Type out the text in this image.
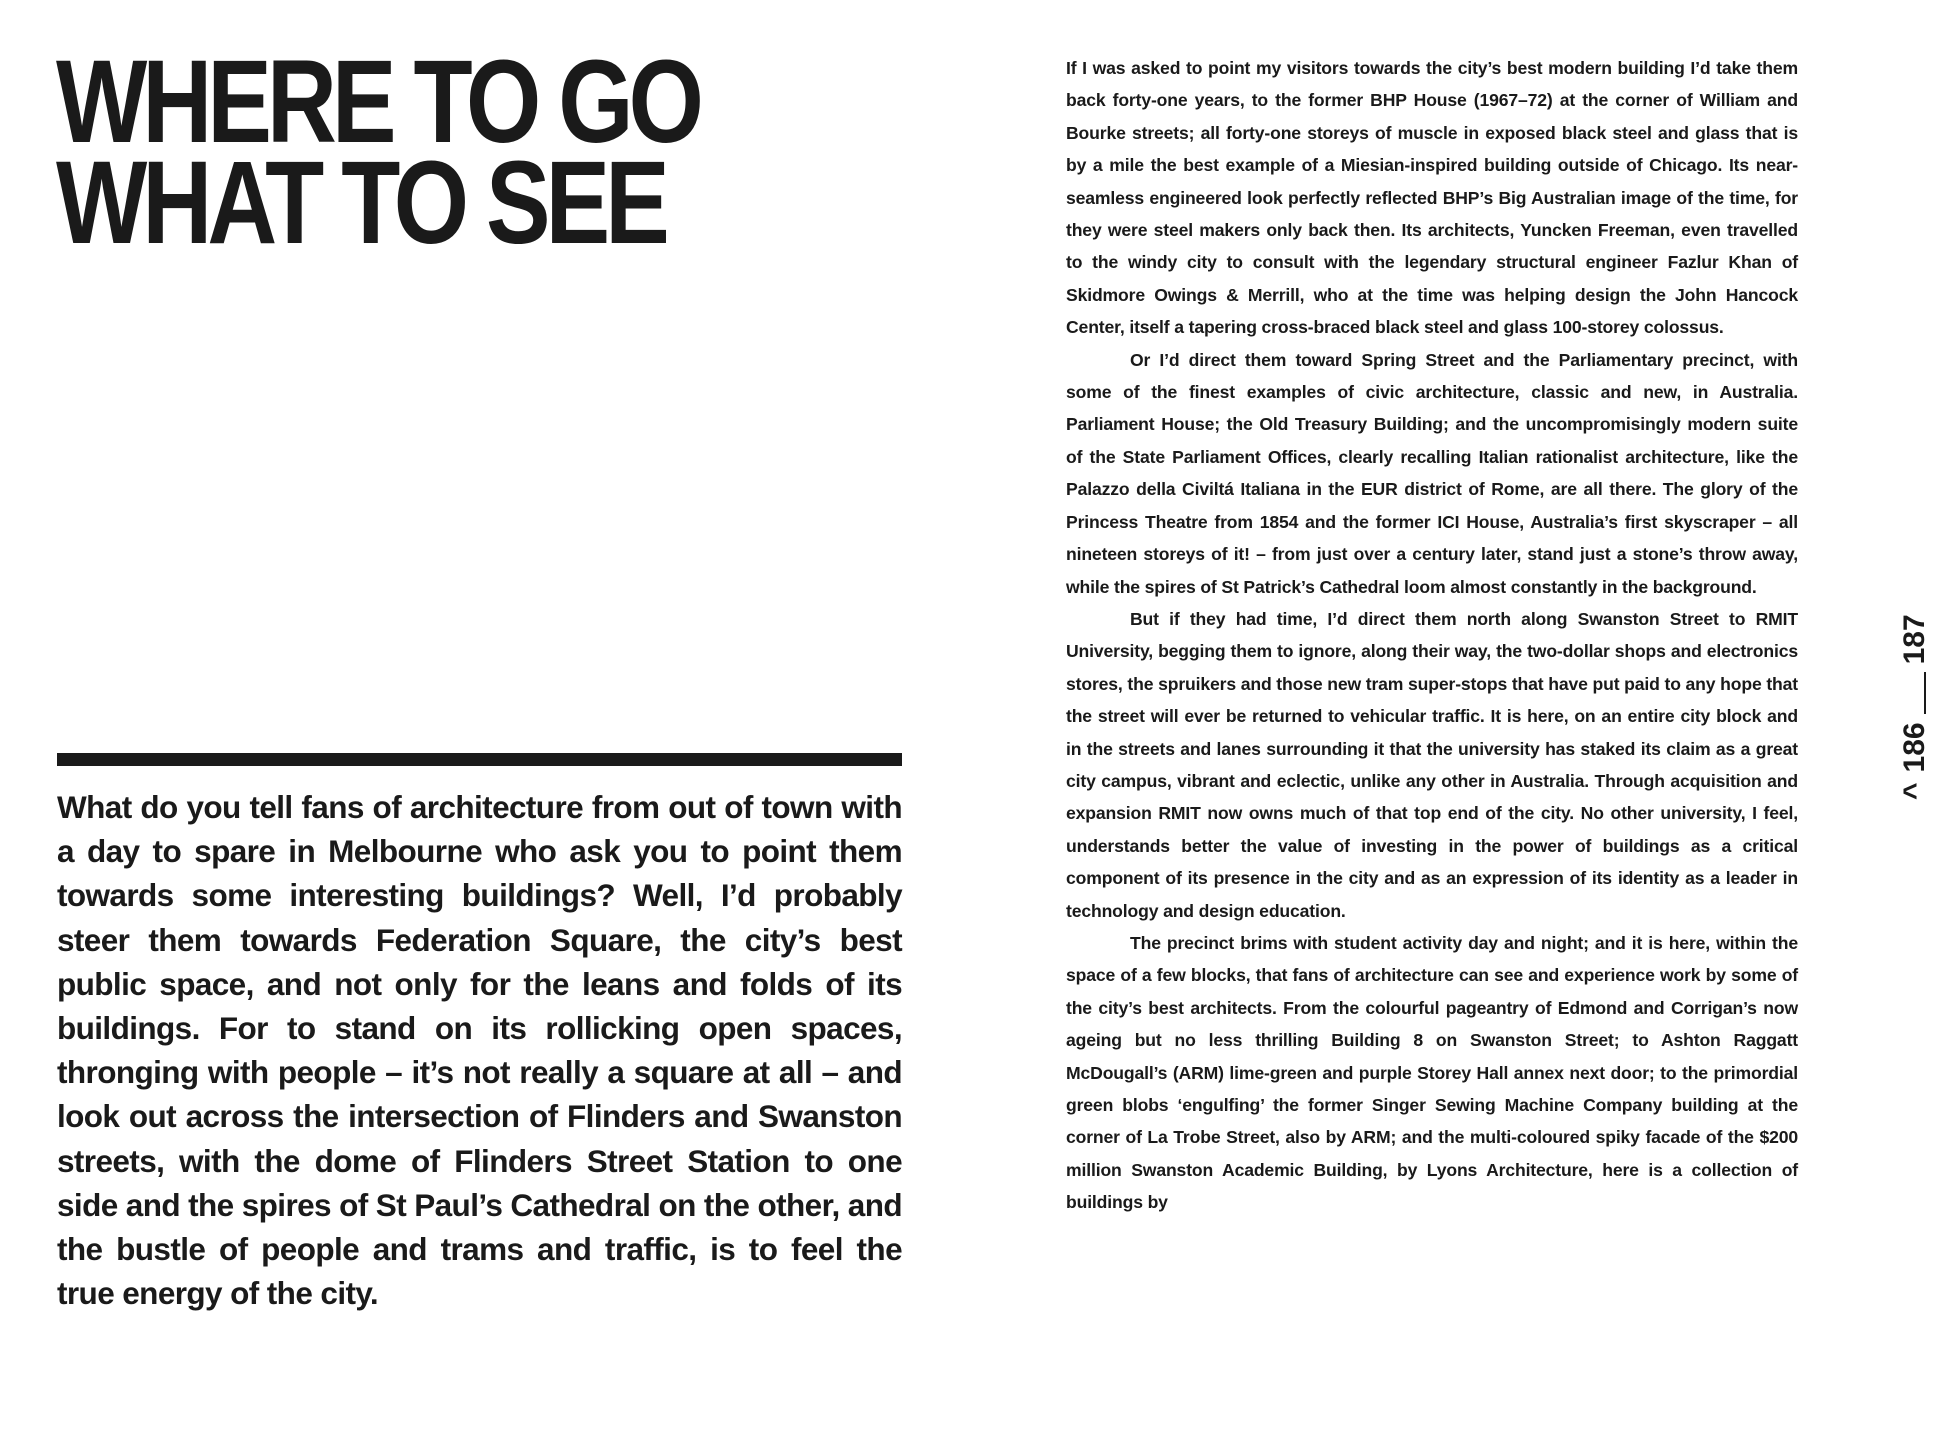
WHERE TO GO
WHAT TO SEE

What do you tell fans of architecture from out of town with a day to spare in Melbourne who ask you to point them towards some interesting buildings? Well, I’d probably steer them towards Federation Square, the city’s best public space, and not only for the leans and folds of its buildings. For to stand on its rollicking open spaces, thronging with people – it’s not really a square at all – and look out across the intersection of Flinders and Swanston streets, with the dome of Flinders Street Station to one side and the spires of St Paul’s Cathedral on the other, and the bustle of people and trams and traffic, is to feel the true energy of the city.

If I was asked to point my visitors towards the city’s best modern building I’d take them back forty-one years, to the former BHP House (1967–72) at the corner of William and Bourke streets; all forty-one storeys of muscle in exposed black steel and glass that is by a mile the best example of a Miesian-inspired building outside of Chicago. Its near-seamless engineered look perfectly reflected BHP’s Big Australian image of the time, for they were steel makers only back then. Its architects, Yuncken Freeman, even travelled to the windy city to consult with the legendary structural engineer Fazlur Khan of Skidmore Owings & Merrill, who at the time was helping design the John Hancock Center, itself a tapering cross-braced black steel and glass 100-storey colossus.

Or I’d direct them toward Spring Street and the Parliamentary precinct, with some of the finest examples of civic architecture, classic and new, in Australia. Parliament House; the Old Treasury Building; and the uncompromisingly modern suite of the State Parliament Offices, clearly recalling Italian rationalist architecture, like the Palazzo della Civiltá Italiana in the EUR district of Rome, are all there. The glory of the Princess Theatre from 1854 and the former ICI House, Australia’s first skyscraper – all nineteen storeys of it! – from just over a century later, stand just a stone’s throw away, while the spires of St Patrick’s Cathedral loom almost constantly in the background.

But if they had time, I’d direct them north along Swanston Street to RMIT University, begging them to ignore, along their way, the two-dollar shops and electronics stores, the spruikers and those new tram super-stops that have put paid to any hope that the street will ever be returned to vehicular traffic. It is here, on an entire city block and in the streets and lanes surrounding it that the university has staked its claim as a great city campus, vibrant and eclectic, unlike any other in Australia. Through acquisition and expansion RMIT now owns much of that top end of the city. No other university, I feel, understands better the value of investing in the power of buildings as a critical component of its presence in the city and as an expression of its identity as a leader in technology and design education.

The precinct brims with student activity day and night; and it is here, within the space of a few blocks, that fans of architecture can see and experience work by some of the city’s best architects. From the colourful pageantry of Edmond and Corrigan’s now ageing but no less thrilling Building 8 on Swanston Street; to Ashton Raggatt McDougall’s (ARM) lime-green and purple Storey Hall annex next door; to the primordial green blobs ‘engulfing’ the former Singer Sewing Machine Company building at the corner of La Trobe Street, also by ARM; and the multi-coloured spiky facade of the $200 million Swanston Academic Building, by Lyons Architecture, here is a collection of buildings by

^
186
187
